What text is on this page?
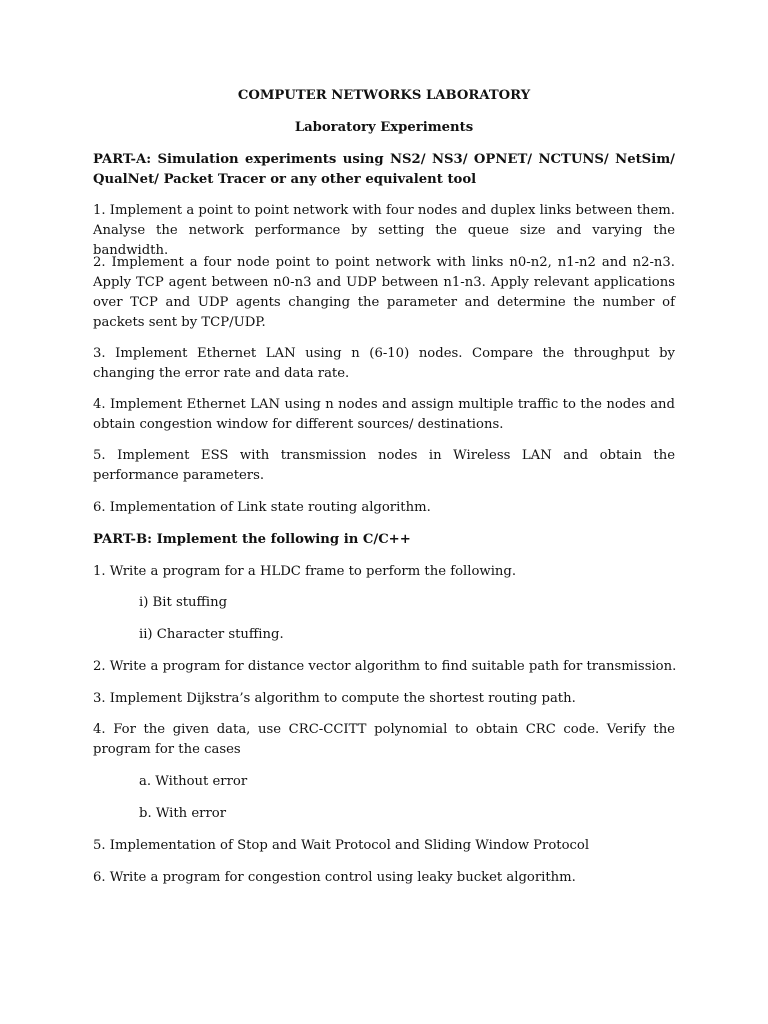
COMPUTER NETWORKS LABORATORY

Laboratory Experiments

PART-A: Simulation experiments using NS2/ NS3/ OPNET/ NCTUNS/ NetSim/ QualNet/ Packet Tracer or any other equivalent tool

1. Implement a point to point network with four nodes and duplex links between them. Analyse the network performance by setting the queue size and varying the bandwidth.

2. Implement a four node point to point network with links n0-n2, n1-n2 and n2-n3. Apply TCP agent between n0-n3 and UDP between n1-n3. Apply relevant applications over TCP and UDP agents changing the parameter and determine the number of packets sent by TCP/UDP.

3. Implement Ethernet LAN using n (6-10) nodes. Compare the throughput by changing the error rate and data rate.

4. Implement Ethernet LAN using n nodes and assign multiple traffic to the nodes and obtain congestion window for different sources/ destinations.

5. Implement ESS with transmission nodes in Wireless LAN and obtain the performance parameters.

6. Implementation of Link state routing algorithm.

PART-B: Implement the following in C/C++

1. Write a program for a HLDC frame to perform the following.

i) Bit stuffing

ii) Character stuffing.

2. Write a program for distance vector algorithm to find suitable path for transmission.

3. Implement Dijkstra’s algorithm to compute the shortest routing path.

4. For the given data, use CRC-CCITT polynomial to obtain CRC code. Verify the program for the cases

a. Without error

b. With error

5. Implementation of Stop and Wait Protocol and Sliding Window Protocol

6. Write a program for congestion control using leaky bucket algorithm.
